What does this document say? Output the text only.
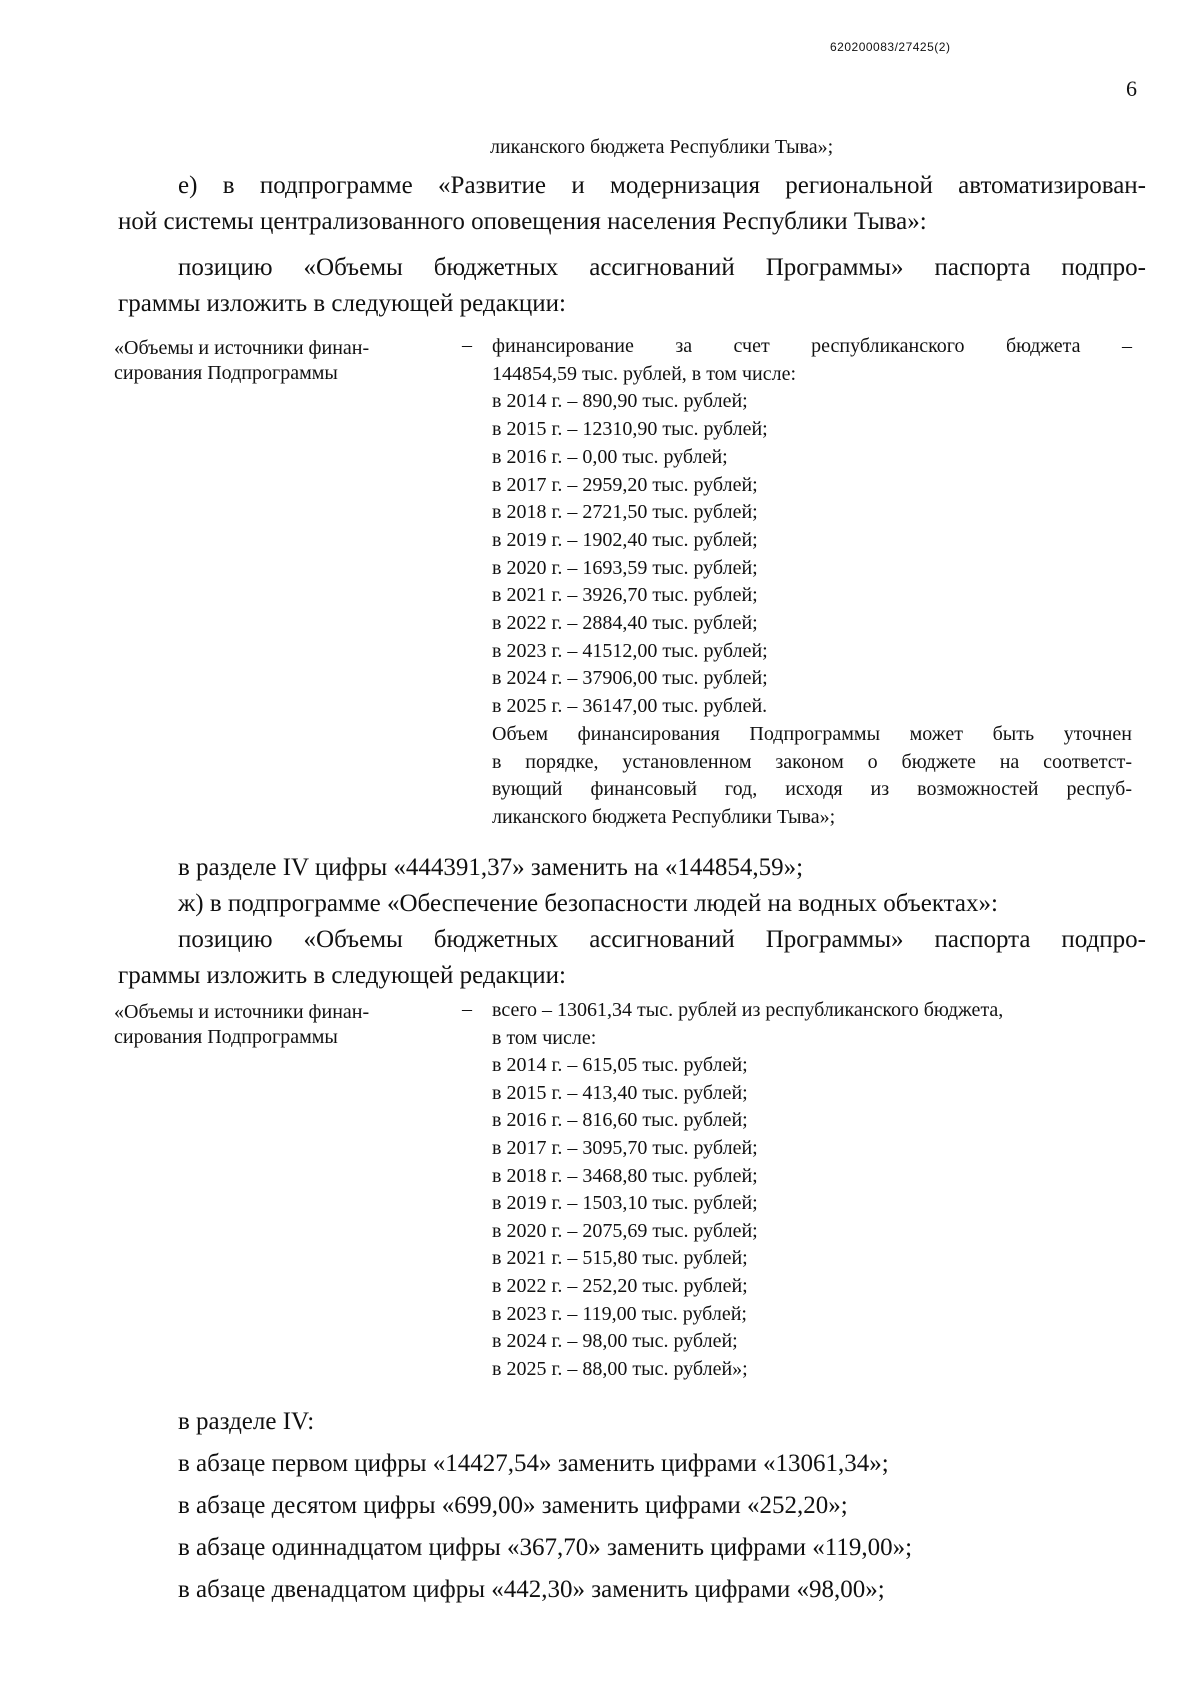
620200083/27425(2)
6
ликанского бюджета Республики Тыва»;
е) в подпрограмме «Развитие и модернизация региональной автоматизирован-
ной системы централизованного оповещения населения Республики Тыва»:
позицию «Объемы бюджетных ассигнований Программы» паспорта подпро-
граммы изложить в следующей редакции:
«Объемы и источники финан-
сирования Подпрограммы
– финансирование за счет республиканского бюджета –
144854,59 тыс. рублей, в том числе:
в 2014 г. – 890,90 тыс. рублей;
в 2015 г. – 12310,90 тыс. рублей;
в 2016 г. – 0,00 тыс. рублей;
в 2017 г. – 2959,20 тыс. рублей;
в 2018 г. – 2721,50 тыс. рублей;
в 2019 г. – 1902,40 тыс. рублей;
в 2020 г. – 1693,59 тыс. рублей;
в 2021 г. – 3926,70 тыс. рублей;
в 2022 г. – 2884,40 тыс. рублей;
в 2023 г. – 41512,00 тыс. рублей;
в 2024 г. – 37906,00 тыс. рублей;
в 2025 г. – 36147,00 тыс. рублей.
Объем финансирования Подпрограммы может быть уточнен
в порядке, установленном законом о бюджете на соответст-
вующий финансовый год, исходя из возможностей респуб-
ликанского бюджета Республики Тыва»;
в разделе IV цифры «444391,37» заменить на «144854,59»;
ж) в подпрограмме «Обеспечение безопасности людей на водных объектах»:
позицию «Объемы бюджетных ассигнований Программы» паспорта подпро-
граммы изложить в следующей редакции:
«Объемы и источники финан-
сирования Подпрограммы
– всего – 13061,34 тыс. рублей из республиканского бюджета,
в том числе:
в 2014 г. – 615,05 тыс. рублей;
в 2015 г. – 413,40 тыс. рублей;
в 2016 г. – 816,60 тыс. рублей;
в 2017 г. – 3095,70 тыс. рублей;
в 2018 г. – 3468,80 тыс. рублей;
в 2019 г. – 1503,10 тыс. рублей;
в 2020 г. – 2075,69 тыс. рублей;
в 2021 г. – 515,80 тыс. рублей;
в 2022 г. – 252,20 тыс. рублей;
в 2023 г. – 119,00 тыс. рублей;
в 2024 г. – 98,00 тыс. рублей;
в 2025 г. – 88,00 тыс. рублей»;
в разделе IV:
в абзаце первом цифры «14427,54» заменить цифрами «13061,34»;
в абзаце десятом цифры «699,00» заменить цифрами «252,20»;
в абзаце одиннадцатом цифры «367,70» заменить цифрами «119,00»;
в абзаце двенадцатом цифры «442,30» заменить цифрами «98,00»;
